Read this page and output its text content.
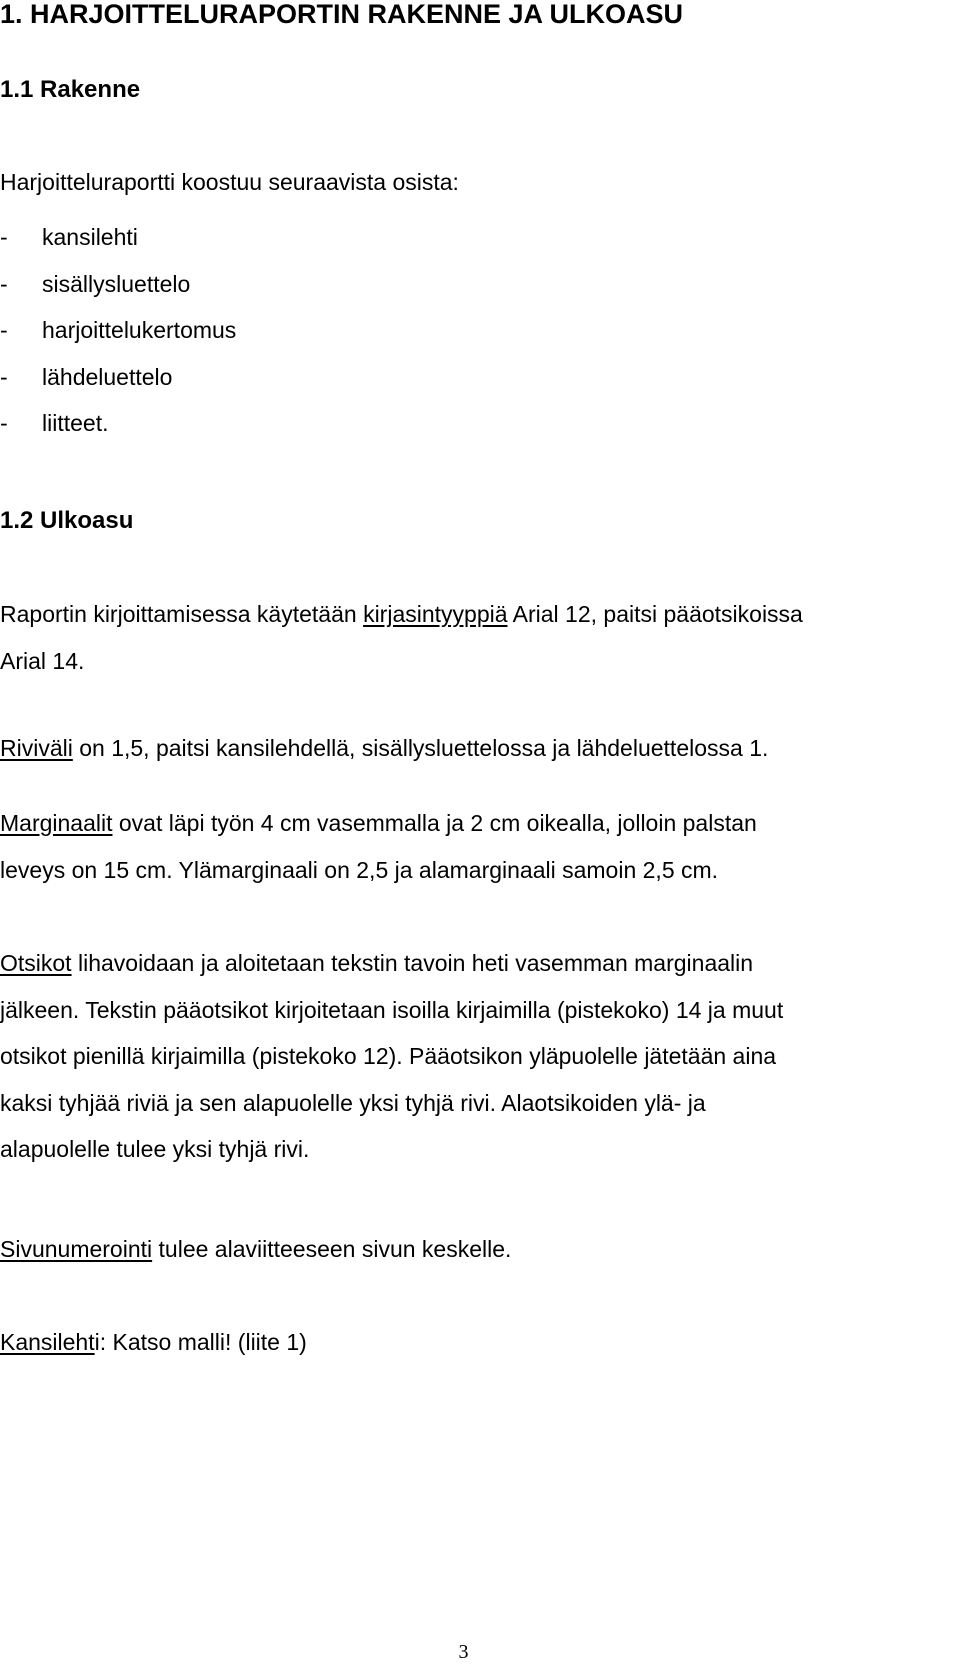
1. HARJOITTELURAPORTIN RAKENNE JA ULKOASU
1.1 Rakenne
Harjoitteluraportti koostuu seuraavista osista:
-	kansilehti
-	sisällysluettelo
-	harjoittelukertomus
-	lähdeluettelo
-	liitteet.
1.2 Ulkoasu
Raportin kirjoittamisessa käytetään kirjasintyyppiä Arial 12, paitsi pääotsikoissa
Arial 14.
Riviväli on 1,5, paitsi kansilehdellä, sisällysluettelossa ja lähdeluettelossa 1.
Marginaalit ovat läpi työn 4 cm vasemmalla ja 2 cm oikealla, jolloin palstan
leveys on 15 cm. Ylämarginaali on 2,5 ja alamarginaali samoin 2,5 cm.
Otsikot lihavoidaan ja aloitetaan tekstin tavoin heti vasemman marginaalin
jälkeen. Tekstin pääotsikot kirjoitetaan isoilla kirjaimilla (pistekoko) 14 ja muut
otsikot pienillä kirjaimilla (pistekoko 12). Pääotsikon yläpuolelle jätetään aina
kaksi tyhjää riviä ja sen alapuolelle yksi tyhjä rivi. Alaotsikoiden ylä- ja
alapuolelle tulee yksi tyhjä rivi.
Sivunumerointi tulee alaviitteeseen sivun keskelle.
Kansilehti: Katso malli! (liite 1)
3
